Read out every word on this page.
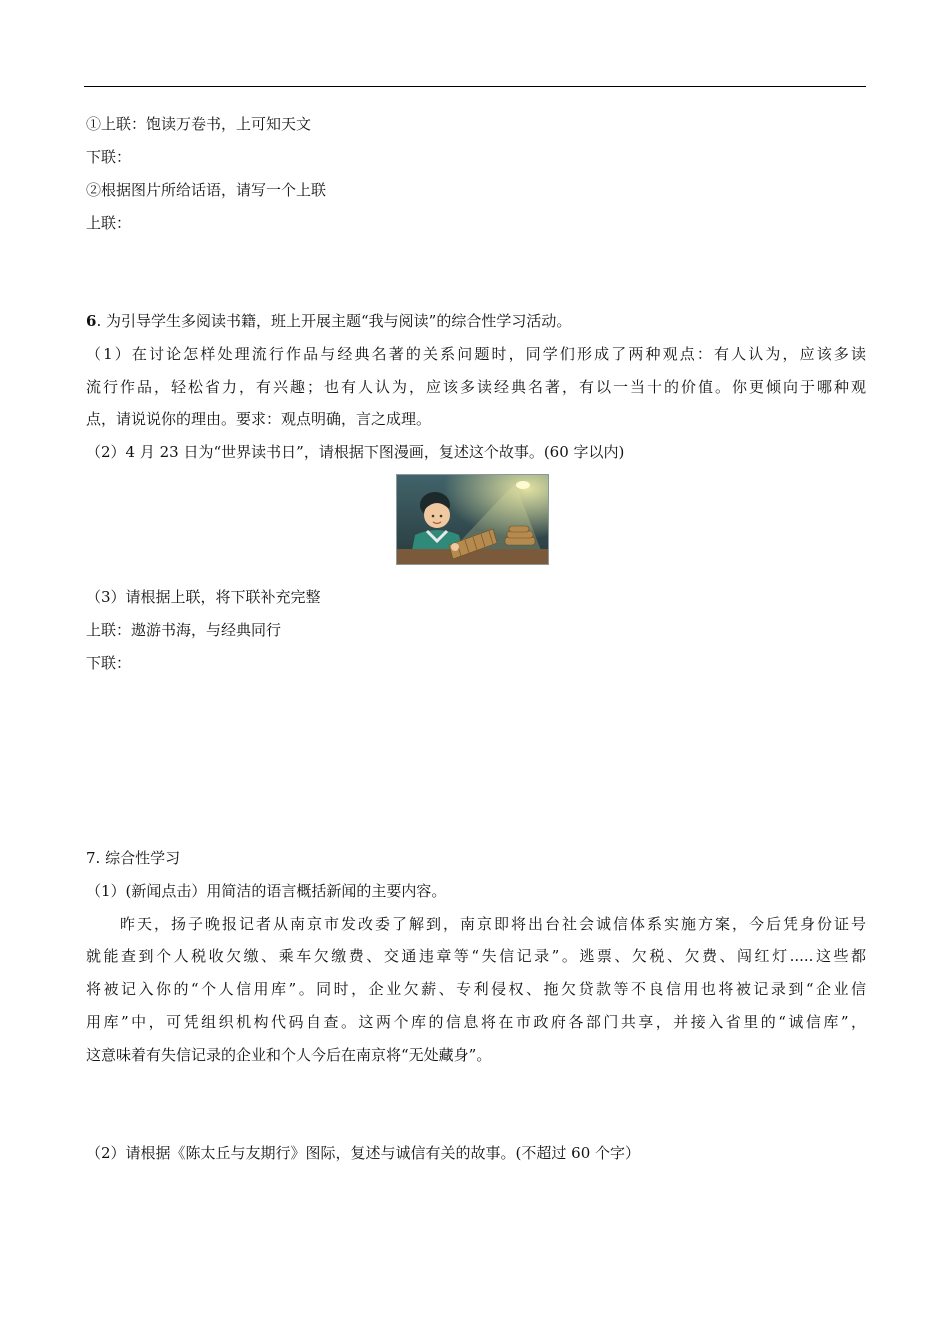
①上联：饱读万卷书，上可知天文
下联：
②根据图片所给话语，请写一个上联
上联：
6. 为引导学生多阅读书籍，班上开展主题“我与阅读”的综合性学习活动。
（1）在讨论怎样处理流行作品与经典名著的关系问题时，同学们形成了两种观点：有人认为，应该多读
流行作品，轻松省力，有兴趣；也有人认为，应该多读经典名著，有以一当十的价值。你更倾向于哪种观
点，请说说你的理由。要求：观点明确，言之成理。
（2）4 月 23 日为“世界读书日”，请根据下图漫画，复述这个故事。(60 字以内)
（3）请根据上联，将下联补充完整
上联：遨游书海，与经典同行
下联：
7. 综合性学习
（1）(新闻点击）用简洁的语言概括新闻的主要内容。
昨天，扬子晚报记者从南京市发改委了解到，南京即将出台社会诚信体系实施方案，今后凭身份证号
就能查到个人税收欠缴、乘车欠缴费、交通违章等“失信记录”。逃票、欠税、欠费、闯红灯.....这些都
将被记入你的“个人信用库”。同时，企业欠薪、专利侵权、拖欠贷款等不良信用也将被记录到“企业信
用库”中，可凭组织机构代码自查。这两个库的信息将在市政府各部门共享，并接入省里的“诚信库”，
这意味着有失信记录的企业和个人今后在南京将“无处藏身”。
（2）请根据《陈太丘与友期行》图际，复述与诚信有关的故事。(不超过 60 个字）
